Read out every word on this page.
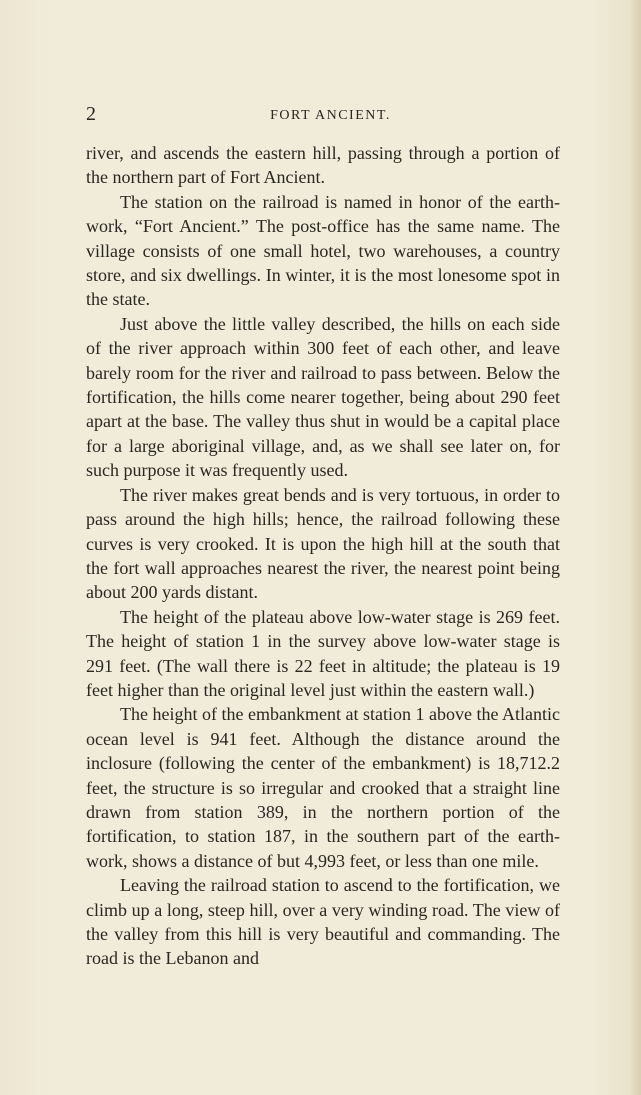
2	FORT ANCIENT.

river, and ascends the eastern hill, passing through a portion of the northern part of Fort Ancient.

The station on the railroad is named in honor of the earth-work, “Fort Ancient.” The post-office has the same name. The village consists of one small hotel, two warehouses, a country store, and six dwellings. In winter, it is the most lonesome spot in the state.

Just above the little valley described, the hills on each side of the river approach within 300 feet of each other, and leave barely room for the river and railroad to pass between. Below the fortification, the hills come nearer together, being about 290 feet apart at the base. The valley thus shut in would be a capital place for a large aboriginal village, and, as we shall see later on, for such purpose it was frequently used.

The river makes great bends and is very tortuous, in order to pass around the high hills; hence, the railroad following these curves is very crooked. It is upon the high hill at the south that the fort wall approaches nearest the river, the nearest point being about 200 yards distant.

The height of the plateau above low-water stage is 269 feet. The height of station 1 in the survey above low-water stage is 291 feet. (The wall there is 22 feet in altitude; the plateau is 19 feet higher than the original level just within the eastern wall.)

The height of the embankment at station 1 above the Atlantic ocean level is 941 feet. Although the distance around the inclosure (following the center of the embankment) is 18,712.2 feet, the structure is so irregular and crooked that a straight line drawn from station 389, in the northern portion of the fortification, to station 187, in the southern part of the earth-work, shows a distance of but 4,993 feet, or less than one mile.

Leaving the railroad station to ascend to the fortification, we climb up a long, steep hill, over a very winding road. The view of the valley from this hill is very beautiful and commanding. The road is the Lebanon and
